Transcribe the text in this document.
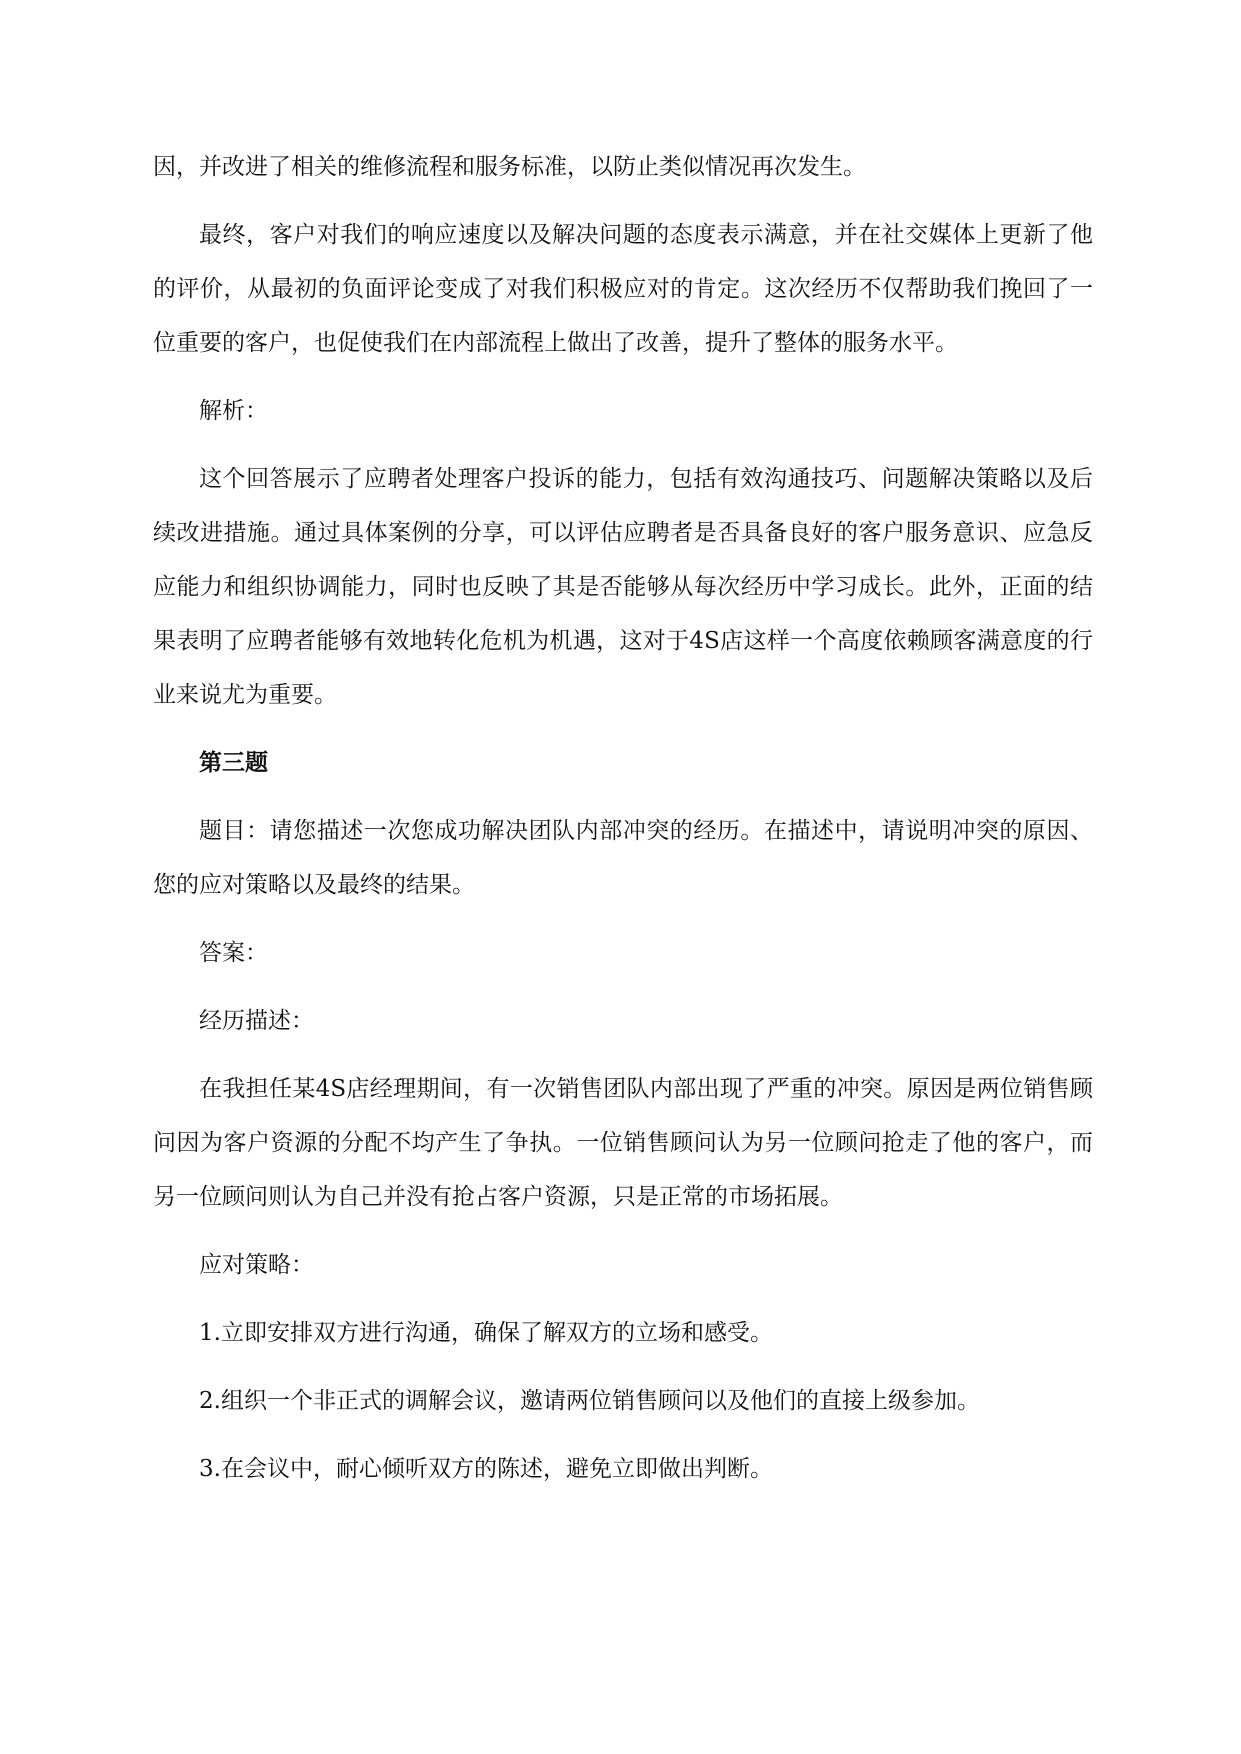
因，并改进了相关的维修流程和服务标准，以防止类似情况再次发生。

最终，客户对我们的响应速度以及解决问题的态度表示满意，并在社交媒体上更新了他的评价，从最初的负面评论变成了对我们积极应对的肯定。这次经历不仅帮助我们挽回了一位重要的客户，也促使我们在内部流程上做出了改善，提升了整体的服务水平。

解析：

这个回答展示了应聘者处理客户投诉的能力，包括有效沟通技巧、问题解决策略以及后续改进措施。通过具体案例的分享，可以评估应聘者是否具备良好的客户服务意识、应急反应能力和组织协调能力，同时也反映了其是否能够从每次经历中学习成长。此外，正面的结果表明了应聘者能够有效地转化危机为机遇，这对于4S店这样一个高度依赖顾客满意度的行业来说尤为重要。

第三题

题目：请您描述一次您成功解决团队内部冲突的经历。在描述中，请说明冲突的原因、您的应对策略以及最终的结果。

答案：

经历描述：

在我担任某4S店经理期间，有一次销售团队内部出现了严重的冲突。原因是两位销售顾问因为客户资源的分配不均产生了争执。一位销售顾问认为另一位顾问抢走了他的客户，而另一位顾问则认为自己并没有抢占客户资源，只是正常的市场拓展。

应对策略：

1.立即安排双方进行沟通，确保了解双方的立场和感受。

2.组织一个非正式的调解会议，邀请两位销售顾问以及他们的直接上级参加。

3.在会议中，耐心倾听双方的陈述，避免立即做出判断。
